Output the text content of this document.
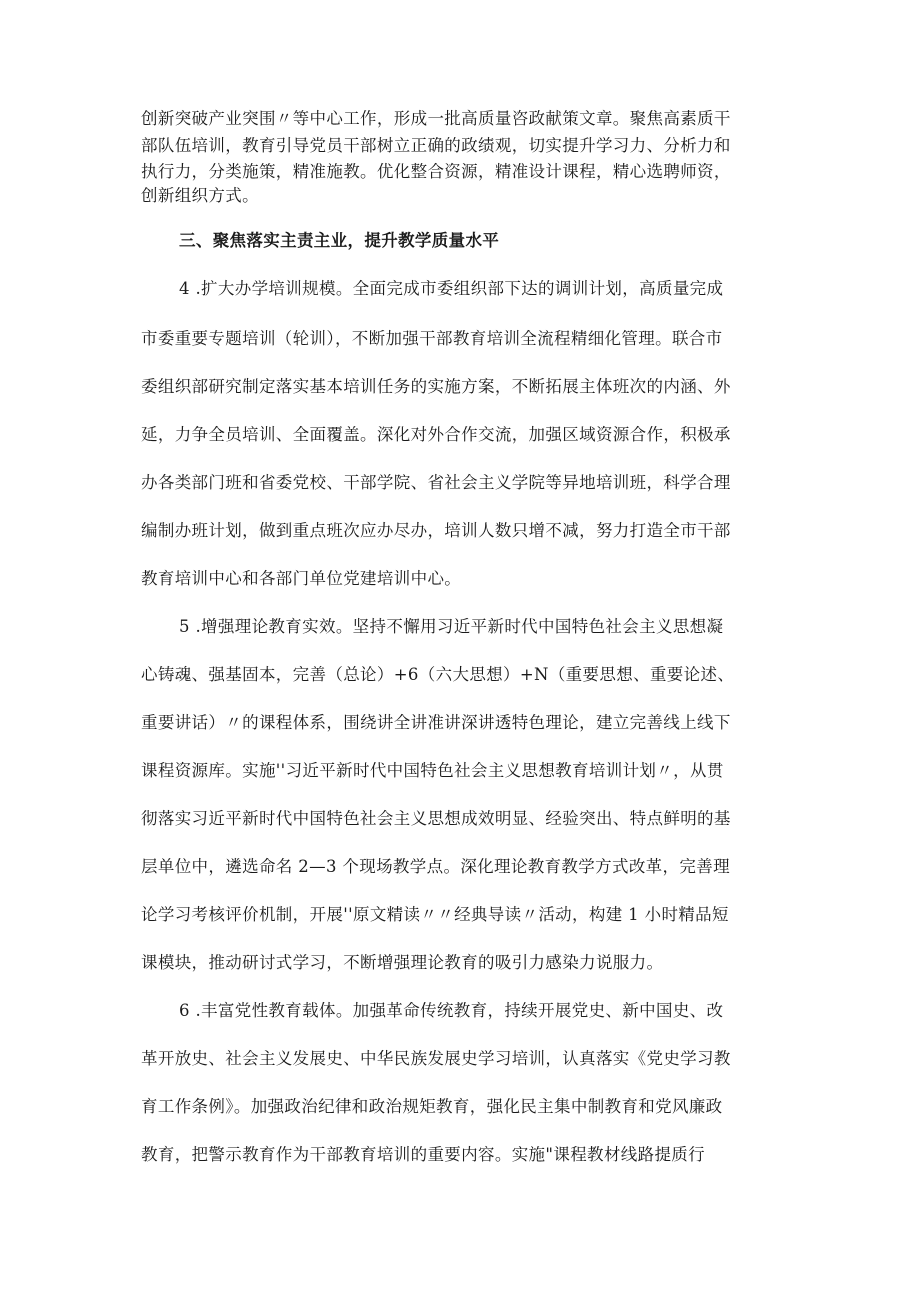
创新突破产业突围〃等中心工作，形成一批高质量咨政献策文章。聚焦高素质干
部队伍培训，教育引导党员干部树立正确的政绩观，切实提升学习力、分析力和
执行力，分类施策，精准施教。优化整合资源，精准设计课程，精心选聘师资，
创新组织方式。
三、聚焦落实主责主业，提升教学质量水平
4 .扩大办学培训规模。全面完成市委组织部下达的调训计划，高质量完成
市委重要专题培训（轮训），不断加强干部教育培训全流程精细化管理。联合市
委组织部研究制定落实基本培训任务的实施方案，不断拓展主体班次的内涵、外
延，力争全员培训、全面覆盖。深化对外合作交流，加强区域资源合作，积极承
办各类部门班和省委党校、干部学院、省社会主义学院等异地培训班，科学合理
编制办班计划，做到重点班次应办尽办，培训人数只增不减，努力打造全市干部
教育培训中心和各部门单位党建培训中心。
5 .增强理论教育实效。坚持不懈用习近平新时代中国特色社会主义思想凝
心铸魂、强基固本，完善（总论）+6（六大思想）+N（重要思想、重要论述、
重要讲话）〃的课程体系，围绕讲全讲准讲深讲透特色理论，建立完善线上线下
课程资源库。实施''习近平新时代中国特色社会主义思想教育培训计划〃，从贯
彻落实习近平新时代中国特色社会主义思想成效明显、经验突出、特点鲜明的基
层单位中，遴选命名 2—3 个现场教学点。深化理论教育教学方式改革，完善理
论学习考核评价机制，开展''原文精读〃〃经典导读〃活动，构建 1 小时精品短
课模块，推动研讨式学习，不断增强理论教育的吸引力感染力说服力。
6 .丰富党性教育载体。加强革命传统教育，持续开展党史、新中国史、改
革开放史、社会主义发展史、中华民族发展史学习培训，认真落实《党史学习教
育工作条例》。加强政治纪律和政治规矩教育，强化民主集中制教育和党风廉政
教育，把警示教育作为干部教育培训的重要内容。实施"课程教材线路提质行
